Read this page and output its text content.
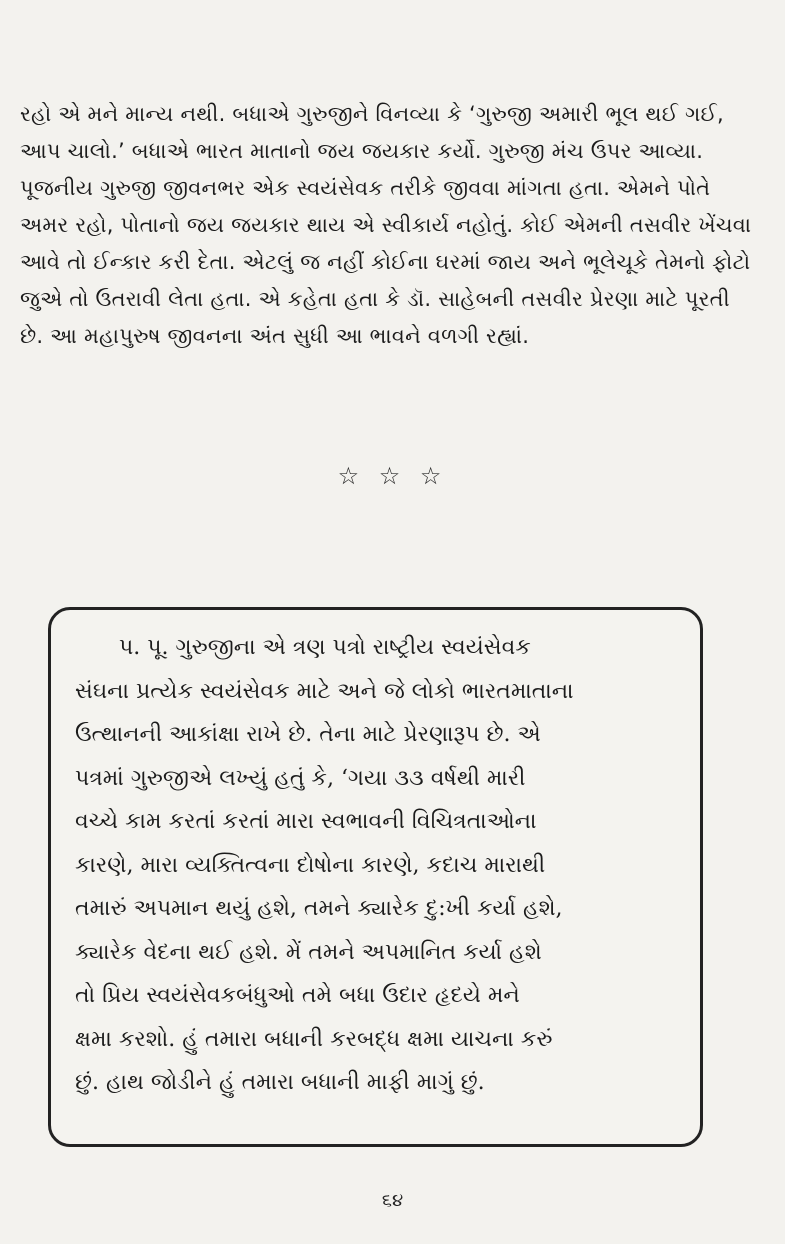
રહો એ મને માન્ય નથી. બધાએ ગુરુજીને વિનવ્યા કે ‘ગુરુજી અમારી ભૂલ થઈ ગઈ,
આપ ચાલો.’ બધાએ ભારત માતાનો જય જયકાર કર્યો. ગુરુજી મંચ ઉપર આવ્યા.
પૂજનીય ગુરુજી જીવનભર એક સ્વયંસેવક તરીકે જીવવા માંગતા હતા. એમને પોતે
અમર રહો, પોતાનો જય જયકાર થાય એ સ્વીકાર્ય નહોતું. કોઈ એમની તસવીર ખેંચવા
આવે તો ઈન્કાર કરી દેતા. એટલું જ નહીં કોઈના ઘરમાં જાય અને ભૂલેચૂકે તેમનો ફોટો
જુએ તો ઉતરાવી લેતા હતા. એ કહેતા હતા કે ડૉ. સાહેબની તસવીર પ્રેરણા માટે પૂરતી
છે. આ મહાપુરુષ જીવનના અંત સુધી આ ભાવને વળગી રહ્યાં.
☆ ☆ ☆
પ. પૂ. ગુરુજીના એ ત્રણ પત્રો રાષ્ટ્રીય સ્વયંસેવક
સંઘના પ્રત્યેક સ્વયંસેવક માટે અને જે લોકો ભારતમાતાના
ઉત્થાનની આકાંક્ષા રાખે છે. તેના માટે પ્રેરણારૂપ છે. એ
પત્રમાં ગુરુજીએ લખ્યું હતું કે, ‘ગયા ૩૩ વર્ષથી મારી
વચ્ચે કામ કરતાં કરતાં મારા સ્વભાવની વિચિત્રતાઓના
કારણે, મારા વ્યક્તિત્વના દોષોના કારણે, કદાચ મારાથી
તમારું અપમાન થયું હશે, તમને ક્યારેક દુ:ખી કર્યા હશે,
ક્યારેક વેદના થઈ હશે. મેં તમને અપમાનિત કર્યા હશે
તો પ્રિય સ્વયંસેવકબંધુઓ તમે બધા ઉદાર હૃદયે મને
ક્ષમા કરશો. હું તમારા બધાની કરબદ્ધ ક્ષમા યાચના કરું
છું. હાથ જોડીને હું તમારા બધાની માફી માગું છું.
૬૪
